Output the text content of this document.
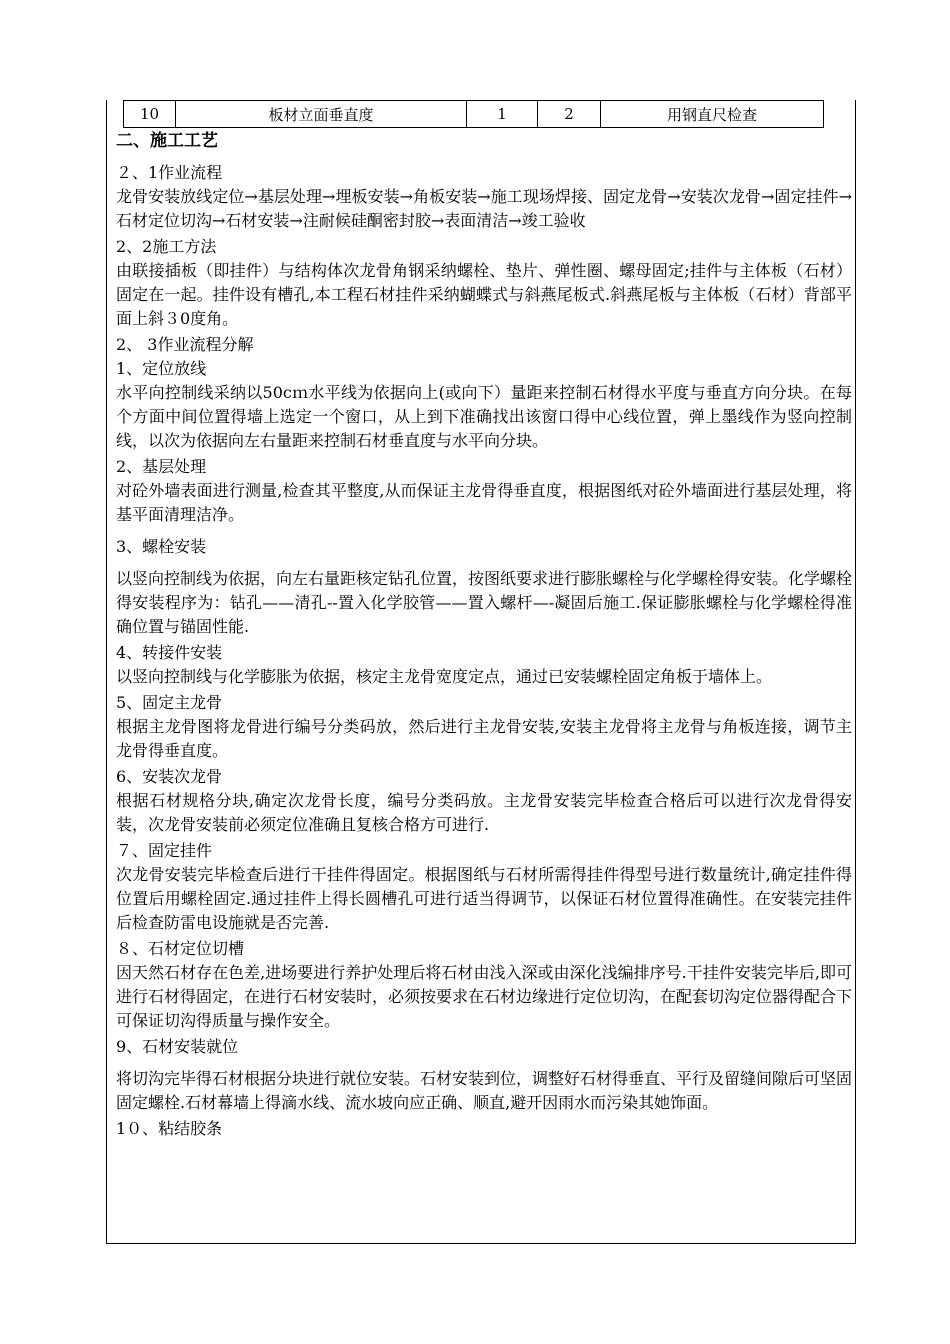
10	板材立面垂直度	1	2	用钢直尺检查

二、施工工艺

２、1作业流程

龙骨安装放线定位→基层处理→埋板安装→角板安装→施工现场焊接、固定龙骨→安装次龙骨→固定挂件→石材定位切沟→石材安装→注耐候硅酮密封胶→表面清洁→竣工验收

2、2施工方法

由联接插板（即挂件）与结构体次龙骨角钢采纳螺栓、垫片、弹性圈、螺母固定;挂件与主体板（石材）固定在一起。挂件设有槽孔,本工程石材挂件采纳蝴蝶式与斜燕尾板式.斜燕尾板与主体板（石材）背部平面上斜３0度角。

2、 3作业流程分解

1、定位放线

水平向控制线采纳以50cｍ水平线为依据向上(或向下）量距来控制石材得水平度与垂直方向分块。在每个方面中间位置得墙上选定一个窗口，从上到下准确找出该窗口得中心线位置，弹上墨线作为竖向控制线，以次为依据向左右量距来控制石材垂直度与水平向分块。

2、基层处理

对砼外墙表面进行测量,检查其平整度,从而保证主龙骨得垂直度，根据图纸对砼外墙面进行基层处理，将基平面清理洁净。

3、螺栓安装

以竖向控制线为依据，向左右量距核定钻孔位置，按图纸要求进行膨胀螺栓与化学螺栓得安装。化学螺栓得安装程序为：钻孔——清孔--置入化学胶管——置入螺杆—-凝固后施工.保证膨胀螺栓与化学螺栓得准确位置与锚固性能.

4、转接件安装

以竖向控制线与化学膨胀为依据，核定主龙骨宽度定点，通过已安装螺栓固定角板于墙体上。

5、固定主龙骨

根据主龙骨图将龙骨进行编号分类码放，然后进行主龙骨安装,安装主龙骨将主龙骨与角板连接，调节主龙骨得垂直度。

6、安装次龙骨

根据石材规格分块,确定次龙骨长度，编号分类码放。主龙骨安装完毕检查合格后可以进行次龙骨得安装，次龙骨安装前必须定位准确且复核合格方可进行.

７、固定挂件

次龙骨安装完毕检查后进行干挂件得固定。根据图纸与石材所需得挂件得型号进行数量统计,确定挂件得位置后用螺栓固定.通过挂件上得长圆槽孔可进行适当得调节，以保证石材位置得准确性。在安装完挂件后检查防雷电设施就是否完善.

８、石材定位切槽

因天然石材存在色差,进场要进行养护处理后将石材由浅入深或由深化浅编排序号.干挂件安装完毕后,即可进行石材得固定，在进行石材安装时，必须按要求在石材边缘进行定位切沟，在配套切沟定位器得配合下可保证切沟得质量与操作安全。

9、石材安装就位

将切沟完毕得石材根据分块进行就位安装。石材安装到位，调整好石材得垂直、平行及留缝间隙后可坚固固定螺栓.石材幕墙上得滴水线、流水坡向应正确、顺直,避开因雨水而污染其她饰面。

1０、粘结胶条
